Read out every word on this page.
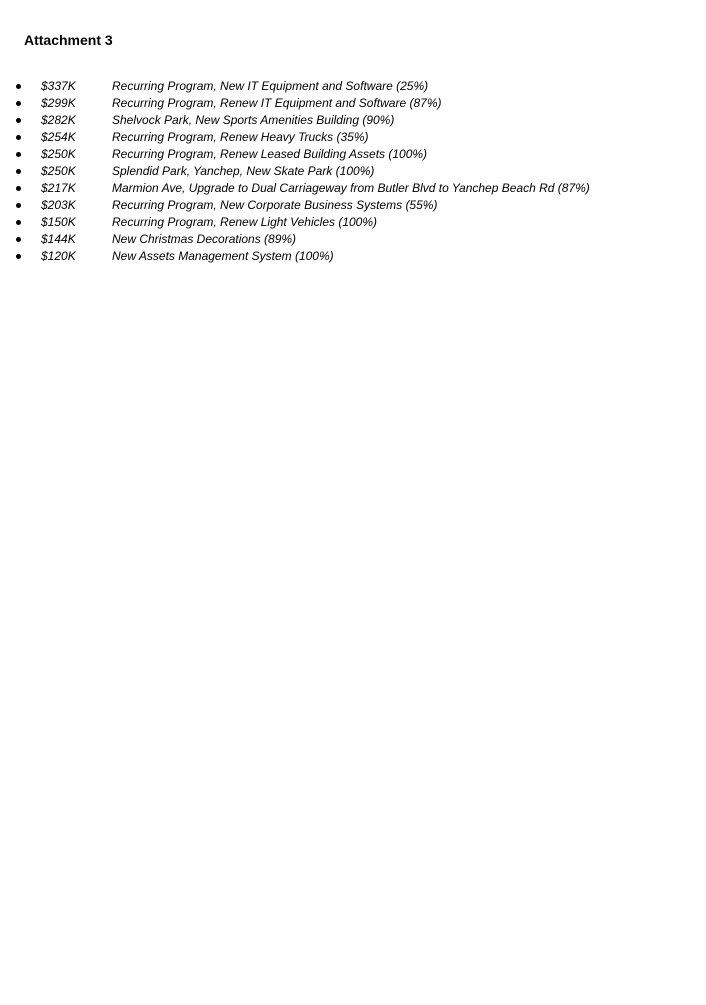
Attachment 3
$337K	Recurring Program, New IT Equipment and Software (25%)
$299K	Recurring Program, Renew IT Equipment and Software (87%)
$282K	Shelvock Park, New Sports Amenities Building (90%)
$254K	Recurring Program, Renew Heavy Trucks (35%)
$250K	Recurring Program, Renew Leased Building Assets (100%)
$250K	Splendid Park, Yanchep, New Skate Park (100%)
$217K	Marmion Ave, Upgrade to Dual Carriageway from Butler Blvd to Yanchep Beach Rd (87%)
$203K	Recurring Program, New Corporate Business Systems (55%)
$150K	Recurring Program, Renew Light Vehicles (100%)
$144K	New Christmas Decorations (89%)
$120K	New Assets Management System (100%)
